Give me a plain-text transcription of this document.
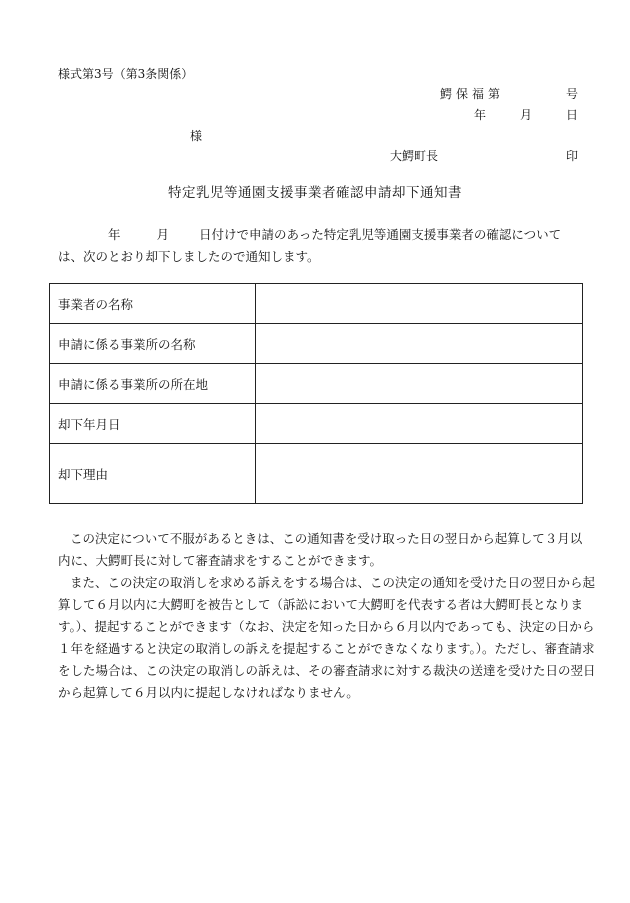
様式第3号（第3条関係）
鰐保福第	号
年	月	日
様
大鰐町長	印
特定乳児等通園支援事業者確認申請却下通知書
年	月 日付けで申請のあった特定乳児等通園支援事業者の確認について
は、次のとおり却下しましたので通知します。
事業者の名称	
申請に係る事業所の名称	
申請に係る事業所の所在地	
却下年月日	
却下理由	
この決定について不服があるときは、この通知書を受け取った日の翌日から起算して３月以
内に、大鰐町長に対して審査請求をすることができます。
また、この決定の取消しを求める訴えをする場合は、この決定の通知を受けた日の翌日から起
算して６月以内に大鰐町を被告として（訴訟において大鰐町を代表する者は大鰐町長となりま
す。）、提起することができます（なお、決定を知った日から６月以内であっても、決定の日から
１年を経過すると決定の取消しの訴えを提起することができなくなります。）。ただし、審査請求
をした場合は、この決定の取消しの訴えは、その審査請求に対する裁決の送達を受けた日の翌日
から起算して６月以内に提起しなければなりません。
